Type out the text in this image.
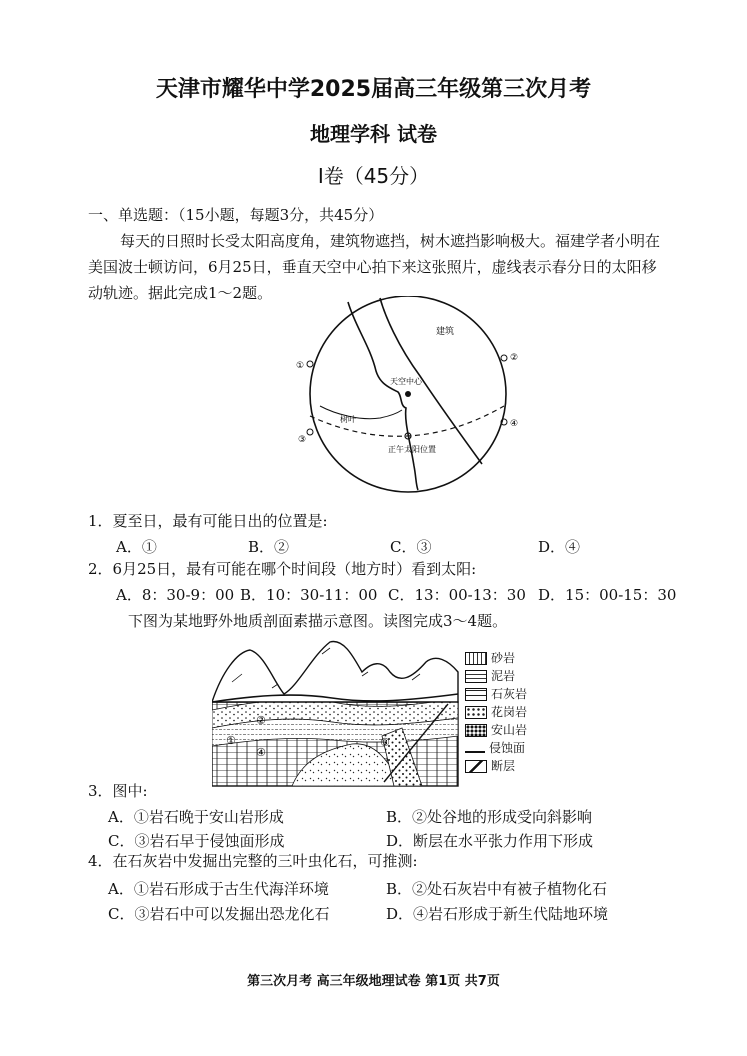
天津市耀华中学2025届高三年级第三次月考
地理学科 试卷
I卷（45分）
一、单选题：（15小题，每题3分，共45分）
每天的日照时长受太阳高度角，建筑物遮挡，树木遮挡影响极大。福建学者小明在
美国波士顿访问，6月25日，垂直天空中心拍下来这张照片，虚线表示春分日的太阳移
动轨迹。据此完成1～2题。
建筑
天空中心
树叶
正午太阳位置
①
②
③
④
1．夏至日，最有可能日出的位置是:
A．①	B．②	C．③	D．④
2．6月25日，最有可能在哪个时间段（地方时）看到太阳:
A．8：30-9：00 B．10：30-11：00 C．13：00-13：30 D．15：00-15：30
下图为某地野外地质剖面素描示意图。读图完成3～4题。
①
②
③
④
砂岩
泥岩
石灰岩
花岗岩
安山岩
侵蚀面
断层
3．图中:
A．①岩石晚于安山岩形成	B．②处谷地的形成受向斜影响
C．③岩石早于侵蚀面形成	D．断层在水平张力作用下形成
4．在石灰岩中发掘出完整的三叶虫化石，可推测:
A．①岩石形成于古生代海洋环境	B．②处石灰岩中有被子植物化石
C．③岩石中可以发掘出恐龙化石	D．④岩石形成于新生代陆地环境
第三次月考 高三年级地理试卷 第1页 共7页
